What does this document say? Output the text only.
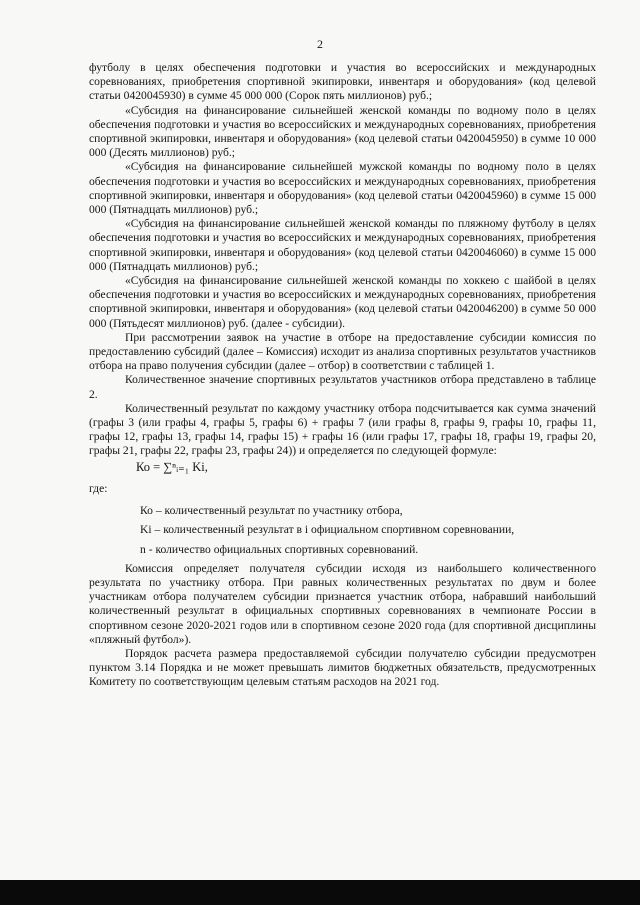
2

футболу в целях обеспечения подготовки и участия во всероссийских и международных соревнованиях, приобретения спортивной экипировки, инвентаря и оборудования» (код целевой статьи 0420045930) в сумме 45 000 000 (Сорок пять миллионов) руб.;

«Субсидия на финансирование сильнейшей женской команды по водному поло в целях обеспечения подготовки и участия во всероссийских и международных соревнованиях, приобретения спортивной экипировки, инвентаря и оборудования» (код целевой статьи 0420045950) в сумме 10 000 000 (Десять миллионов) руб.;

«Субсидия на финансирование сильнейшей мужской команды по водному поло в целях обеспечения подготовки и участия во всероссийских и международных соревнованиях, приобретения спортивной экипировки, инвентаря и оборудования» (код целевой статьи 0420045960) в сумме 15 000 000 (Пятнадцать миллионов) руб.;

«Субсидия на финансирование сильнейшей женской команды по пляжному футболу в целях обеспечения подготовки и участия во всероссийских и международных соревнованиях, приобретения спортивной экипировки, инвентаря и оборудования» (код целевой статьи 0420046060) в сумме 15 000 000 (Пятнадцать миллионов) руб.;

«Субсидия на финансирование сильнейшей женской команды по хоккею с шайбой в целях обеспечения подготовки и участия во всероссийских и международных соревнованиях, приобретения спортивной экипировки, инвентаря и оборудования» (код целевой статьи 0420046200) в сумме 50 000 000 (Пятьдесят миллионов) руб. (далее - субсидии).

При рассмотрении заявок на участие в отборе на предоставление субсидии комиссия по предоставлению субсидий (далее – Комиссия) исходит из анализа спортивных результатов участников отбора на право получения субсидии (далее – отбор) в соответствии с таблицей 1.

Количественное значение спортивных результатов участников отбора представлено в таблице 2.

Количественный результат по каждому участнику отбора подсчитывается как сумма значений (графы 3 (или графы 4, графы 5, графы 6) + графы 7 (или графы 8, графы 9, графы 10, графы 11, графы 12, графы 13, графы 14, графы 15) + графы 16 (или графы 17, графы 18, графы 19, графы 20, графы 21, графы 22, графы 23, графы 24)) и определяется по следующей формуле:

Ко = ∑ⁿᵢ₌₁ Ki,

где:

Ко – количественный результат по участнику отбора,

Ki – количественный результат в i официальном спортивном соревновании,

n - количество официальных спортивных соревнований.

Комиссия определяет получателя субсидии исходя из наибольшего количественного результата по участнику отбора. При равных количественных результатах по двум и более участникам отбора получателем субсидии признается участник отбора, набравший наибольший количественный результат в официальных спортивных соревнованиях в чемпионате России в спортивном сезоне 2020-2021 годов или в спортивном сезоне 2020 года (для спортивной дисциплины «пляжный футбол»).

Порядок расчета размера предоставляемой субсидии получателю субсидии предусмотрен пунктом 3.14 Порядка и не может превышать лимитов бюджетных обязательств, предусмотренных Комитету по соответствующим целевым статьям расходов на 2021 год.
